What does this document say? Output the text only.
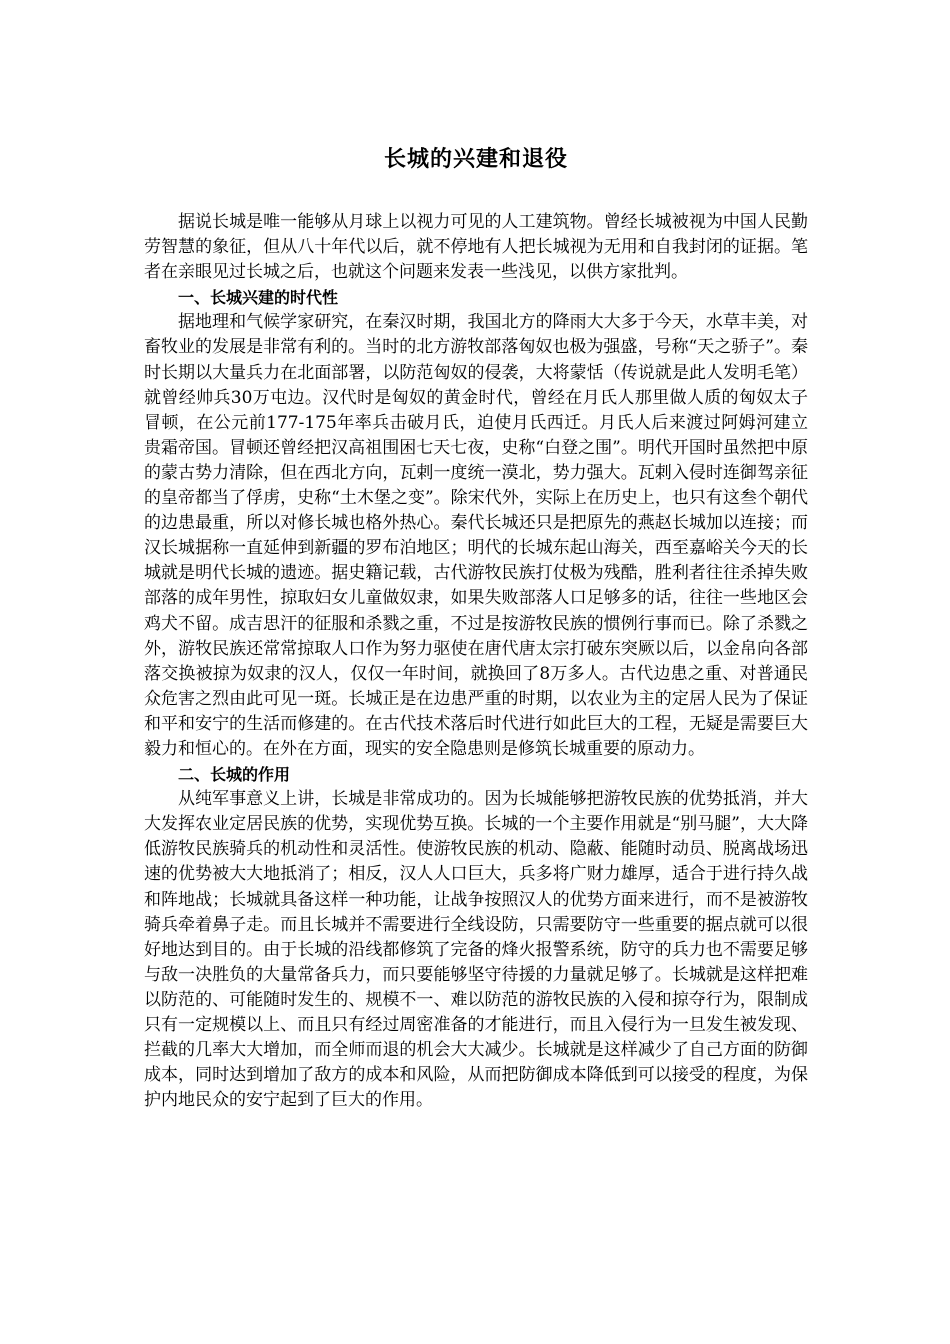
长城的兴建和退役

据说长城是唯一能够从月球上以视力可见的人工建筑物。曾经长城被视为中国人民勤劳智慧的象征，但从八十年代以后，就不停地有人把长城视为无用和自我封闭的证据。笔者在亲眼见过长城之后，也就这个问题来发表一些浅见，以供方家批判。

一、长城兴建的时代性

据地理和气候学家研究，在秦汉时期，我国北方的降雨大大多于今天，水草丰美，对畜牧业的发展是非常有利的。当时的北方游牧部落匈奴也极为强盛，号称“天之骄子”。秦时长期以大量兵力在北面部署，以防范匈奴的侵袭，大将蒙恬（传说就是此人发明毛笔）就曾经帅兵30万屯边。汉代时是匈奴的黄金时代，曾经在月氏人那里做人质的匈奴太子冒顿，在公元前177-175年率兵击破月氏，迫使月氏西迁。月氏人后来渡过阿姆河建立贵霜帝国。冒顿还曾经把汉高祖围困七天七夜，史称“白登之围”。明代开国时虽然把中原的蒙古势力清除，但在西北方向，瓦剌一度统一漠北，势力强大。瓦剌入侵时连御驾亲征的皇帝都当了俘虏，史称“土木堡之变”。除宋代外，实际上在历史上，也只有这叁个朝代的边患最重，所以对修长城也格外热心。秦代长城还只是把原先的燕赵长城加以连接；而汉长城据称一直延伸到新疆的罗布泊地区；明代的长城东起山海关，西至嘉峪关今天的长城就是明代长城的遗迹。据史籍记载，古代游牧民族打仗极为残酷，胜利者往往杀掉失败部落的成年男性，掠取妇女儿童做奴隶，如果失败部落人口足够多的话，往往一些地区会鸡犬不留。成吉思汗的征服和杀戮之重，不过是按游牧民族的惯例行事而已。除了杀戮之外，游牧民族还常常掠取人口作为努力驱使在唐代唐太宗打破东突厥以后，以金帛向各部落交换被掠为奴隶的汉人，仅仅一年时间，就换回了8万多人。古代边患之重、对普通民众危害之烈由此可见一斑。长城正是在边患严重的时期，以农业为主的定居人民为了保证和平和安宁的生活而修建的。在古代技术落后时代进行如此巨大的工程，无疑是需要巨大毅力和恒心的。在外在方面，现实的安全隐患则是修筑长城重要的原动力。

二、长城的作用

从纯军事意义上讲，长城是非常成功的。因为长城能够把游牧民族的优势抵消，并大大发挥农业定居民族的优势，实现优势互换。长城的一个主要作用就是“别马腿”，大大降低游牧民族骑兵的机动性和灵活性。使游牧民族的机动、隐蔽、能随时动员、脱离战场迅速的优势被大大地抵消了；相反，汉人人口巨大，兵多将广财力雄厚，适合于进行持久战和阵地战；长城就具备这样一种功能，让战争按照汉人的优势方面来进行，而不是被游牧骑兵牵着鼻子走。而且长城并不需要进行全线设防，只需要防守一些重要的据点就可以很好地达到目的。由于长城的沿线都修筑了完备的烽火报警系统，防守的兵力也不需要足够与敌一决胜负的大量常备兵力，而只要能够坚守待援的力量就足够了。长城就是这样把难以防范的、可能随时发生的、规模不一、难以防范的游牧民族的入侵和掠夺行为，限制成只有一定规模以上、而且只有经过周密准备的才能进行，而且入侵行为一旦发生被发现、拦截的几率大大增加，而全师而退的机会大大减少。长城就是这样减少了自己方面的防御成本，同时达到增加了敌方的成本和风险，从而把防御成本降低到可以接受的程度，为保护内地民众的安宁起到了巨大的作用。
